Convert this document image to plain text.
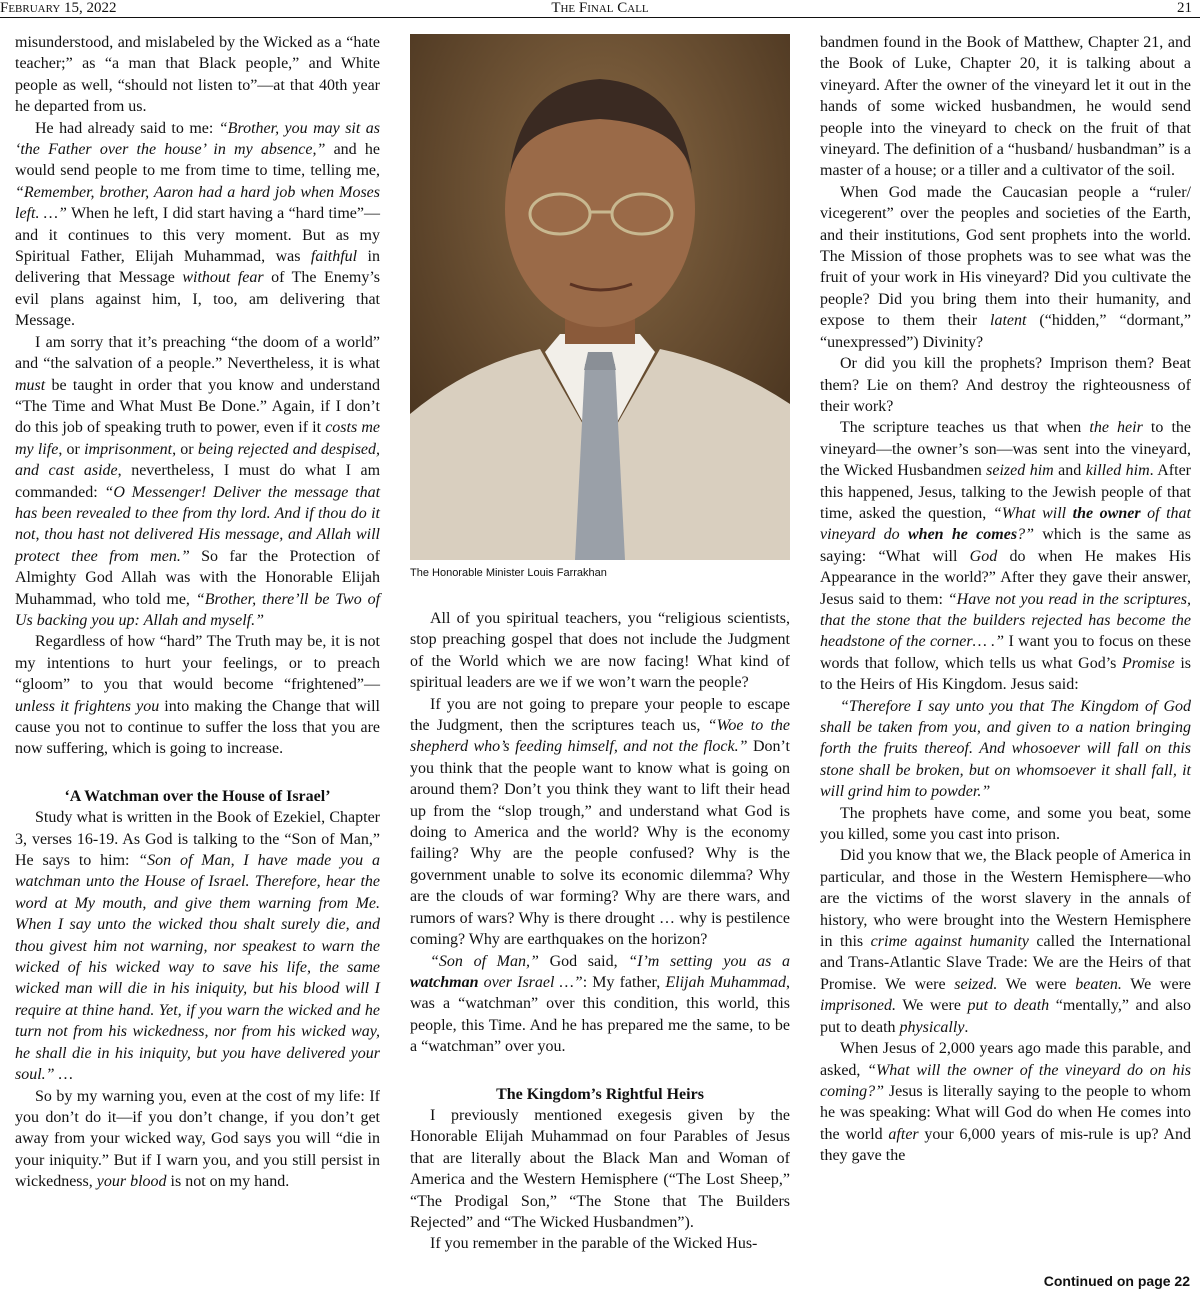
February 15, 2022	The Final Call	21

misunderstood, and mislabeled by the Wicked as a “hate teacher;” as “a man that Black people,” and White people as well, “should not listen to”—at that 40th year he departed from us.

He had already said to me: “Brother, you may sit as ‘the Father over the house’ in my absence,” and he would send people to me from time to time, telling me, “Remember, brother, Aaron had a hard job when Moses left. …” When he left, I did start having a “hard time”—and it continues to this very moment. But as my Spiritual Father, Elijah Muhammad, was faithful in delivering that Message without fear of The Enemy’s evil plans against him, I, too, am delivering that Message.

I am sorry that it’s preaching “the doom of a world” and “the salvation of a people.” Nevertheless, it is what must be taught in order that you know and understand “The Time and What Must Be Done.” Again, if I don’t do this job of speaking truth to power, even if it costs me my life, or imprisonment, or being rejected and despised, and cast aside, nevertheless, I must do what I am commanded: “O Messenger! Deliver the message that has been revealed to thee from thy lord. And if thou do it not, thou hast not delivered His message, and Allah will protect thee from men.” So far the Protection of Almighty God Allah was with the Honorable Elijah Muhammad, who told me, “Brother, there’ll be Two of Us backing you up: Allah and myself.”

Regardless of how “hard” The Truth may be, it is not my intentions to hurt your feelings, or to preach “gloom” to you that would become “frightened”—unless it frightens you into making the Change that will cause you not to continue to suffer the loss that you are now suffering, which is going to increase.

‘A Watchman over the House of Israel’

Study what is written in the Book of Ezekiel, Chapter 3, verses 16-19. As God is talking to the “Son of Man,” He says to him: “Son of Man, I have made you a watchman unto the House of Israel. Therefore, hear the word at My mouth, and give them warning from Me. When I say unto the wicked thou shalt surely die, and thou givest him not warning, nor speakest to warn the wicked of his wicked way to save his life, the same wicked man will die in his iniquity, but his blood will I require at thine hand. Yet, if you warn the wicked and he turn not from his wickedness, nor from his wicked way, he shall die in his iniquity, but you have delivered your soul.” …

So by my warning you, even at the cost of my life: If you don’t do it—if you don’t change, if you don’t get away from your wicked way, God says you will “die in your iniquity.” But if I warn you, and you still persist in wickedness, your blood is not on my hand.

The Honorable Minister Louis Farrakhan

All of you spiritual teachers, you “religious scientists, stop preaching gospel that does not include the Judgment of the World which we are now facing! What kind of spiritual leaders are we if we won’t warn the people?

If you are not going to prepare your people to escape the Judgment, then the scriptures teach us, “Woe to the shepherd who’s feeding himself, and not the flock.” Don’t you think that the people want to know what is going on around them? Don’t you think they want to lift their head up from the “slop trough,” and understand what God is doing to America and the world? Why is the economy failing? Why are the people confused? Why is the government unable to solve its economic dilemma? Why are the clouds of war forming? Why are there wars, and rumors of wars? Why is there drought … why is pestilence coming? Why are earthquakes on the horizon?

“Son of Man,” God said, “I’m setting you as a watchman over Israel …”: My father, Elijah Muhammad, was a “watchman” over this condition, this world, this people, this Time. And he has prepared me the same, to be a “watchman” over you.

The Kingdom’s Rightful Heirs

I previously mentioned exegesis given by the Honorable Elijah Muhammad on four Parables of Jesus that are literally about the Black Man and Woman of America and the Western Hemisphere (“The Lost Sheep,” “The Prodigal Son,” “The Stone that The Builders Rejected” and “The Wicked Husbandmen”).

If you remember in the parable of the Wicked Hus-

bandmen found in the Book of Matthew, Chapter 21, and the Book of Luke, Chapter 20, it is talking about a vineyard. After the owner of the vineyard let it out in the hands of some wicked husbandmen, he would send people into the vineyard to check on the fruit of that vineyard. The definition of a “husband/ husbandman” is a master of a house; or a tiller and a cultivator of the soil.

When God made the Caucasian people a “ruler/ vicegerent” over the peoples and societies of the Earth, and their institutions, God sent prophets into the world. The Mission of those prophets was to see what was the fruit of your work in His vineyard? Did you cultivate the people? Did you bring them into their humanity, and expose to them their latent (“hidden,” “dormant,” “unexpressed”) Divinity?

Or did you kill the prophets? Imprison them? Beat them? Lie on them? And destroy the righteousness of their work?

The scripture teaches us that when the heir to the vineyard—the owner’s son—was sent into the vineyard, the Wicked Husbandmen seized him and killed him. After this happened, Jesus, talking to the Jewish people of that time, asked the question, “What will the owner of that vineyard do when he comes?” which is the same as saying: “What will God do when He makes His Appearance in the world?” After they gave their answer, Jesus said to them: “Have not you read in the scriptures, that the stone that the builders rejected has become the headstone of the corner… .” I want you to focus on these words that follow, which tells us what God’s Promise is to the Heirs of His Kingdom. Jesus said:

“Therefore I say unto you that The Kingdom of God shall be taken from you, and given to a nation bringing forth the fruits thereof. And whosoever will fall on this stone shall be broken, but on whomsoever it shall fall, it will grind him to powder.”

The prophets have come, and some you beat, some you killed, some you cast into prison.

Did you know that we, the Black people of America in particular, and those in the Western Hemisphere—who are the victims of the worst slavery in the annals of history, who were brought into the Western Hemisphere in this crime against humanity called the International and Trans-Atlantic Slave Trade: We are the Heirs of that Promise. We were seized. We were beaten. We were imprisoned. We were put to death “mentally,” and also put to death physically.

When Jesus of 2,000 years ago made this parable, and asked, “What will the owner of the vineyard do on his coming?” Jesus is literally saying to the people to whom he was speaking: What will God do when He comes into the world after your 6,000 years of mis-rule is up? And they gave the

Continued on page 22
